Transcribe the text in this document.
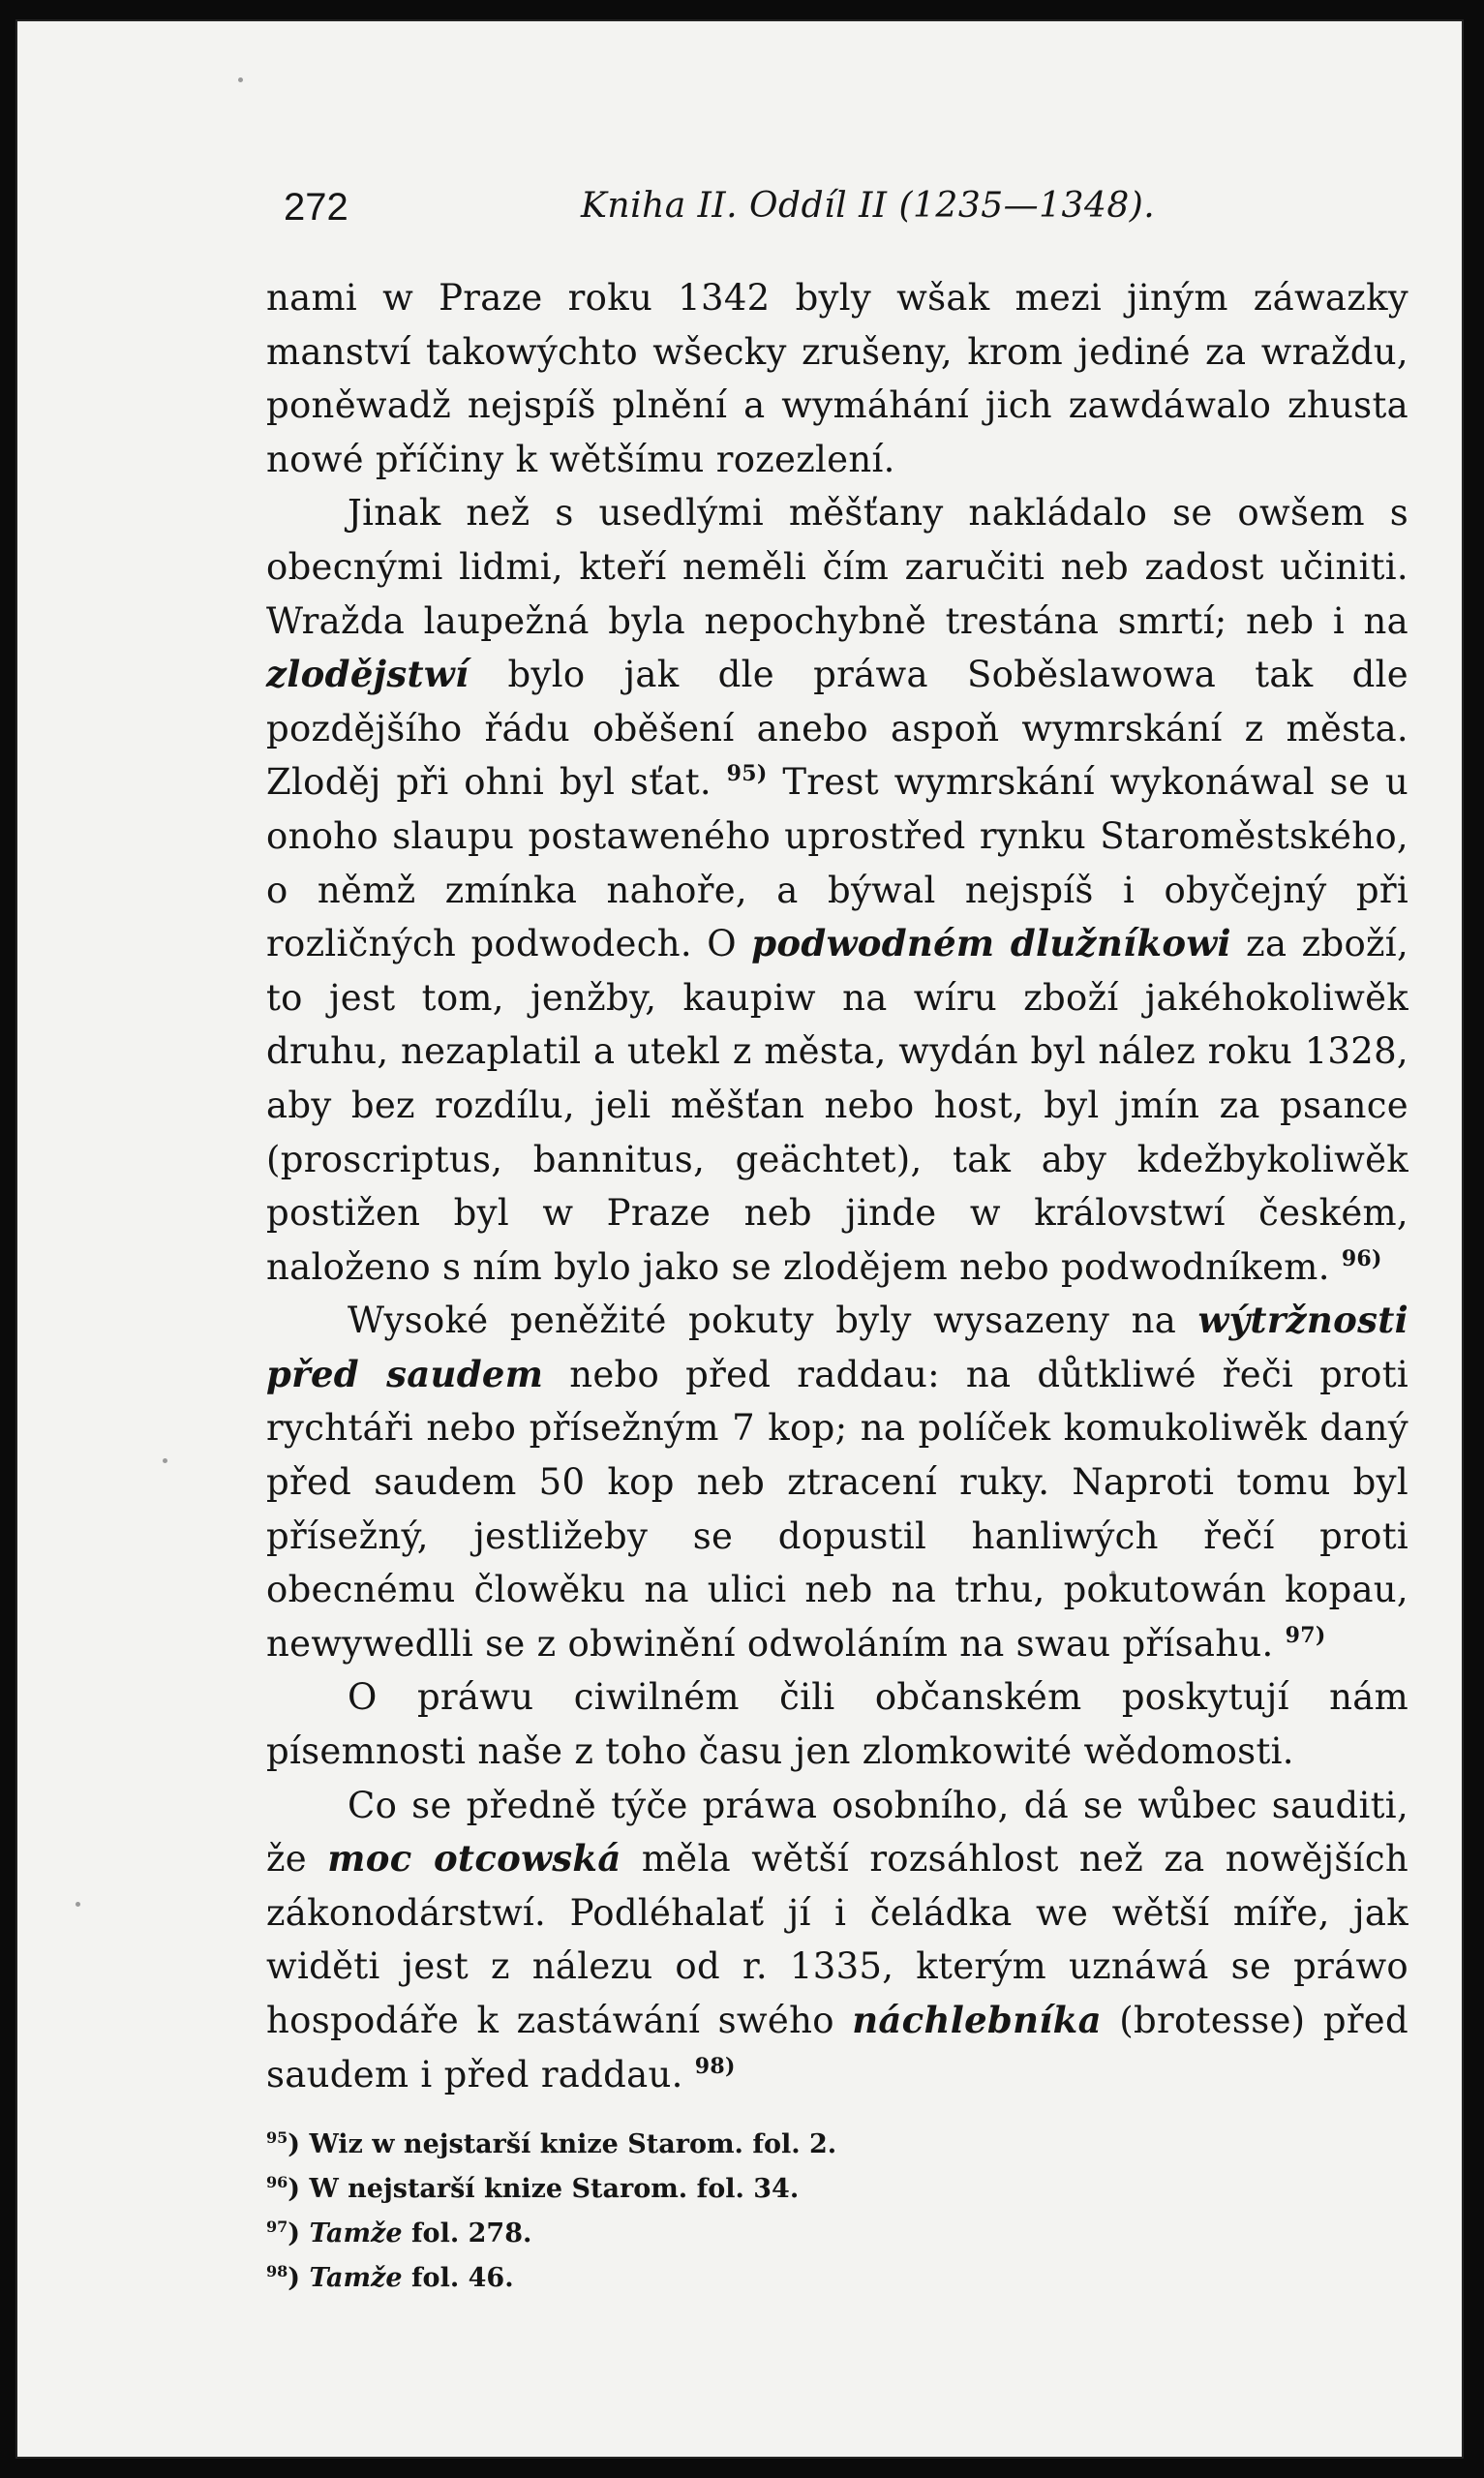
272	Kniha II. Oddíl II (1235—1348).

nami w Praze roku 1342 byly wšak mezi jiným záwazky manství takowýchto wšecky zrušeny, krom jediné za wraždu, poněwadž nejspíš plnění a wymáhání jich zawdáwalo zhusta nowé příčiny k wětšímu rozezlení.

Jinak než s usedlými měšťany nakládalo se owšem s obecnými lidmi, kteří neměli čím zaručiti neb zadost učiniti. Wražda laupežná byla nepochybně trestána smrtí; neb i na zlodějstwí bylo jak dle práwa Soběslawowa tak dle pozdějšího řádu oběšení anebo aspoň wymrskání z města. Zloděj při ohni byl sťat. $^{95)}$ Trest wymrskání wykonáwal se u onoho slaupu postaweného uprostřed rynku Staroměstského, o němž zmínka nahoře, a býwal nejspíš i obyčejný při rozličných podwodech. O podwodném dlužníkowi za zboží, to jest tom, jenžby, kaupiw na wíru zboží jakéhokoliwěk druhu, nezaplatil a utekl z města, wydán byl nález roku 1328, aby bez rozdílu, jeli měšťan nebo host, byl jmín za psance (proscriptus, bannitus, geächtet), tak aby kdežbykoliwěk postižen byl w Praze neb jinde w královstwí českém, naloženo s ním bylo jako se zlodějem nebo podwodníkem. $^{96)}$

Wysoké peněžité pokuty byly wysazeny na wýtržnosti před saudem nebo před raddau: na důtkliwé řeči proti rychtáři nebo přísežným 7 kop; na políček komukoliwěk daný před saudem 50 kop neb ztracení ruky. Naproti tomu byl přísežný, jestližeby se dopustil hanliwých řečí proti obecnému člowěku na ulici neb na trhu, pokutowán kopau, newywedlli se z obwinění odwoláním na swau přísahu. $^{97)}$

O práwu ciwilném čili občanském poskytují nám písemnosti naše z toho času jen zlomkowité wědomosti.

Co se předně týče práwa osobního, dá se wůbec sauditi, že moc otcowská měla wětší rozsáhlost než za nowějších zákonodárstwí. Podléhalať jí i čeládka we wětší míře, jak widěti jest z nálezu od r. 1335, kterým uznáwá se práwo hospodáře k zastáwání swého náchlebníka (brotesse) před saudem i před raddau. $^{98)}$

$^{95}$) Wiz w nejstarší knize Starom. fol. 2.
$^{96}$) W nejstarší knize Starom. fol. 34.
$^{97}$) Tamže fol. 278.
$^{98}$) Tamže fol. 46.
